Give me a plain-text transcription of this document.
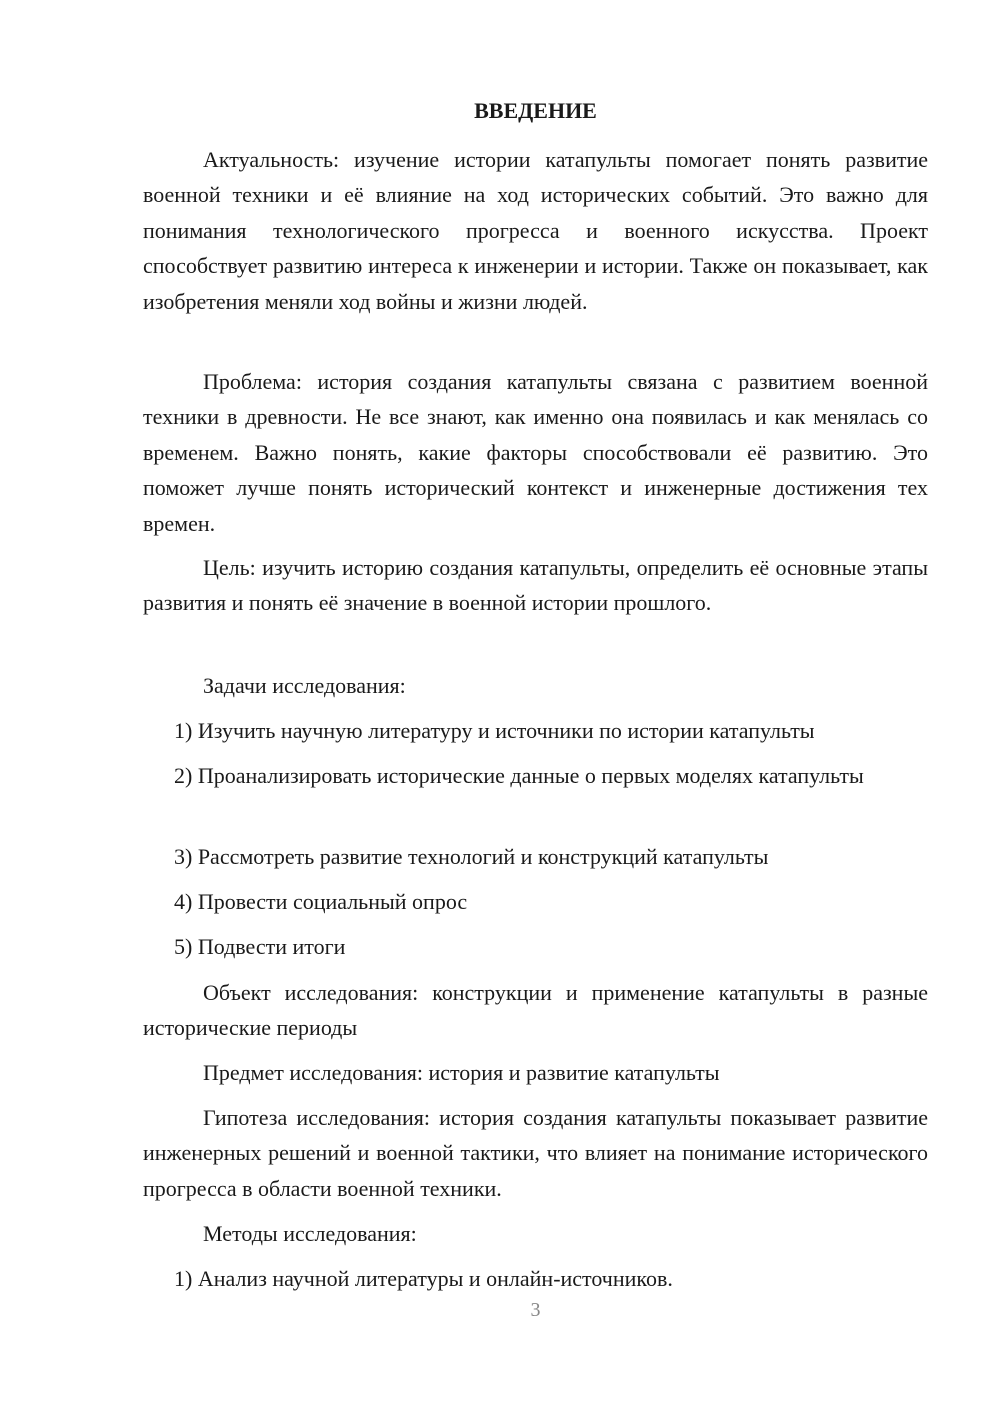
ВВЕДЕНИЕ

Актуальность: изучение истории катапульты помогает понять развитие военной техники и её влияние на ход исторических событий. Это важно для понимания технологического прогресса и военного искусства. Проект способствует развитию интереса к инженерии и истории. Также он показывает, как изобретения меняли ход войны и жизни людей.

Проблема: история создания катапульты связана с развитием военной техники в древности. Не все знают, как именно она появилась и как менялась со временем. Важно понять, какие факторы способствовали её развитию. Это поможет лучше понять исторический контекст и инженерные достижения тех времен.

Цель: изучить историю создания катапульты, определить её основные этапы развития и понять её значение в военной истории прошлого.

Задачи исследования:

1) Изучить научную литературу и источники по истории катапульты

2) Проанализировать исторические данные о первых моделях катапульты

3) Рассмотреть развитие технологий и конструкций катапульты

4) Провести социальный опрос

5) Подвести итоги

Объект исследования: конструкции и применение катапульты в разные исторические периоды

Предмет исследования: история и развитие катапульты

Гипотеза исследования: история создания катапульты показывает развитие инженерных решений и военной тактики, что влияет на понимание исторического прогресса в области военной техники.

Методы исследования:

1) Анализ научной литературы и онлайн-источников.

3
